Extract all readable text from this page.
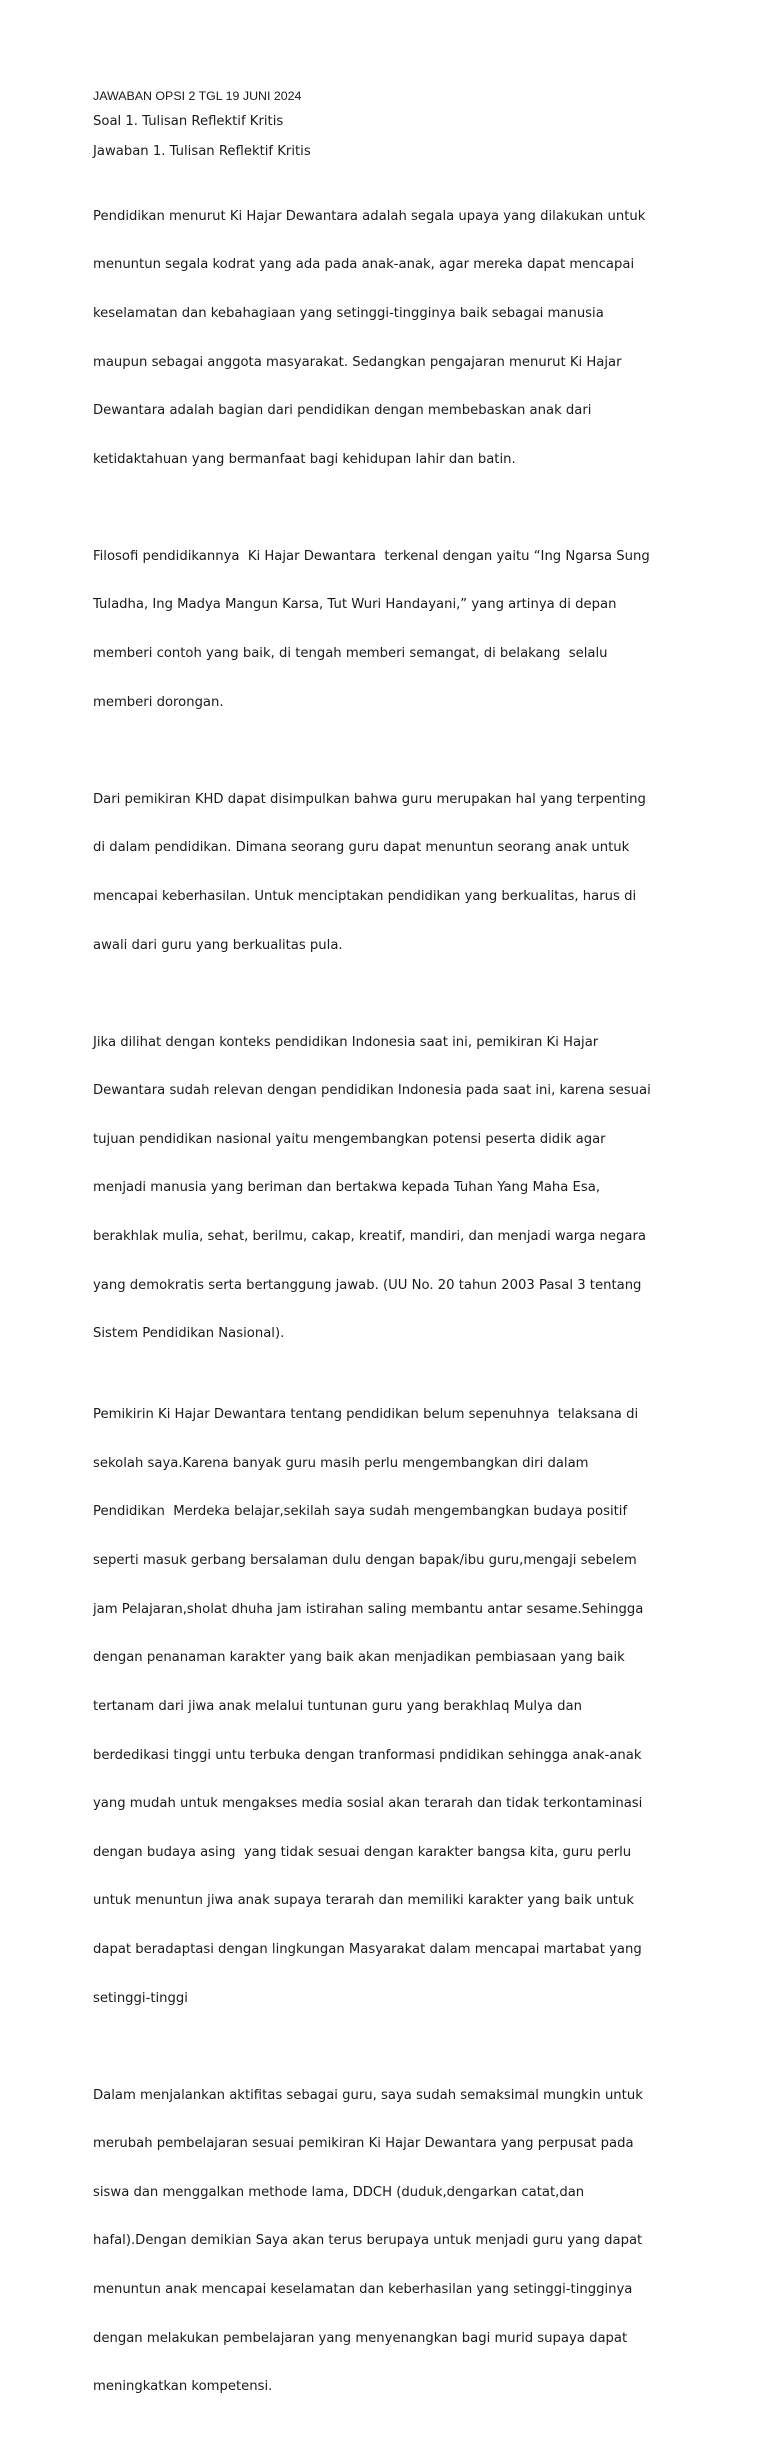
JAWABAN OPSI 2 TGL 19 JUNI 2024
Soal 1. Tulisan Reflektif Kritis
Jawaban 1. Tulisan Reflektif Kritis

Pendidikan menurut Ki Hajar Dewantara adalah segala upaya yang dilakukan untuk

menuntun segala kodrat yang ada pada anak-anak, agar mereka dapat mencapai

keselamatan dan kebahagiaan yang setinggi-tingginya baik sebagai manusia

maupun sebagai anggota masyarakat. Sedangkan pengajaran menurut Ki Hajar

Dewantara adalah bagian dari pendidikan dengan membebaskan anak dari

ketidaktahuan yang bermanfaat bagi kehidupan lahir dan batin.

Filosofi pendidikannya  Ki Hajar Dewantara  terkenal dengan yaitu “Ing Ngarsa Sung

Tuladha, Ing Madya Mangun Karsa, Tut Wuri Handayani,” yang artinya di depan

memberi contoh yang baik, di tengah memberi semangat, di belakang  selalu

memberi dorongan.

Dari pemikiran KHD dapat disimpulkan bahwa guru merupakan hal yang terpenting

di dalam pendidikan. Dimana seorang guru dapat menuntun seorang anak untuk

mencapai keberhasilan. Untuk menciptakan pendidikan yang berkualitas, harus di

awali dari guru yang berkualitas pula.

Jika dilihat dengan konteks pendidikan Indonesia saat ini, pemikiran Ki Hajar

Dewantara sudah relevan dengan pendidikan Indonesia pada saat ini, karena sesuai

tujuan pendidikan nasional yaitu mengembangkan potensi peserta didik agar

menjadi manusia yang beriman dan bertakwa kepada Tuhan Yang Maha Esa,

berakhlak mulia, sehat, berilmu, cakap, kreatif, mandiri, dan menjadi warga negara

yang demokratis serta bertanggung jawab. (UU No. 20 tahun 2003 Pasal 3 tentang

Sistem Pendidikan Nasional).

Pemikirin Ki Hajar Dewantara tentang pendidikan belum sepenuhnya  telaksana di

sekolah saya.Karena banyak guru masih perlu mengembangkan diri dalam

Pendidikan  Merdeka belajar,sekilah saya sudah mengembangkan budaya positif

seperti masuk gerbang bersalaman dulu dengan bapak/ibu guru,mengaji sebelem

jam Pelajaran,sholat dhuha jam istirahan saling membantu antar sesame.Sehingga

dengan penanaman karakter yang baik akan menjadikan pembiasaan yang baik

tertanam dari jiwa anak melalui tuntunan guru yang berakhlaq Mulya dan

berdedikasi tinggi untu terbuka dengan tranformasi pndidikan sehingga anak-anak

yang mudah untuk mengakses media sosial akan terarah dan tidak terkontaminasi

dengan budaya asing  yang tidak sesuai dengan karakter bangsa kita, guru perlu

untuk menuntun jiwa anak supaya terarah dan memiliki karakter yang baik untuk

dapat beradaptasi dengan lingkungan Masyarakat dalam mencapai martabat yang

setinggi-tinggi

Dalam menjalankan aktifitas sebagai guru, saya sudah semaksimal mungkin untuk

merubah pembelajaran sesuai pemikiran Ki Hajar Dewantara yang perpusat pada

siswa dan menggalkan methode lama, DDCH (duduk,dengarkan catat,dan

hafal).Dengan demikian Saya akan terus berupaya untuk menjadi guru yang dapat

menuntun anak mencapai keselamatan dan keberhasilan yang setinggi-tingginya

dengan melakukan pembelajaran yang menyenangkan bagi murid supaya dapat

meningkatkan kompetensi.
